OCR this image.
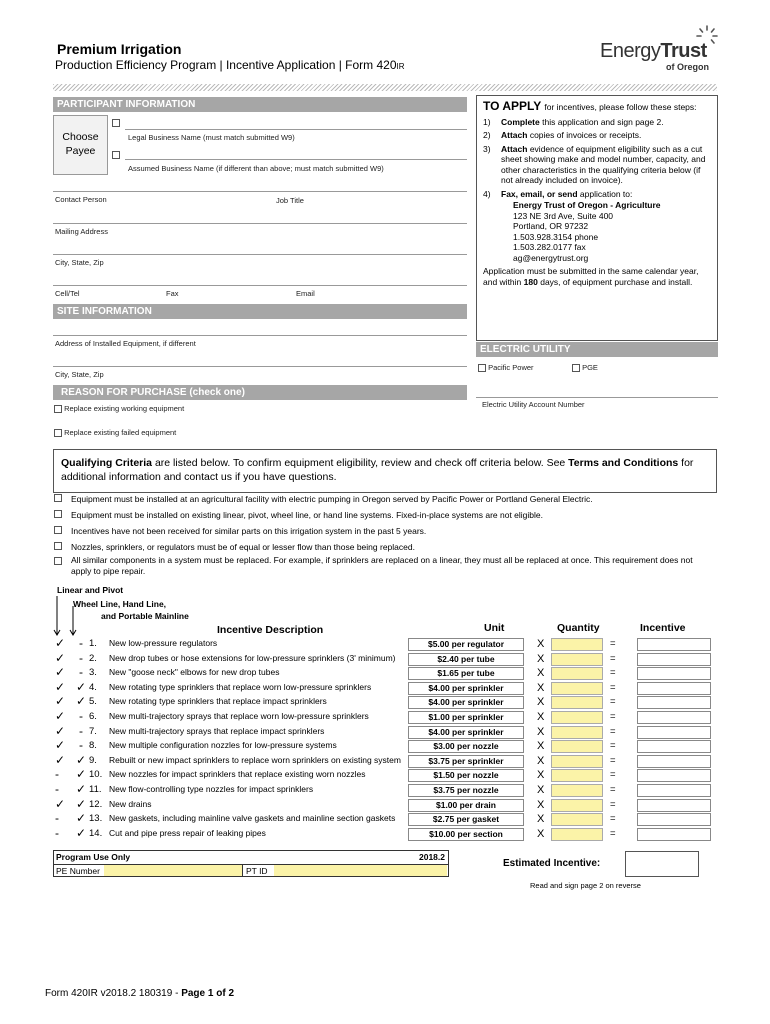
Premium Irrigation
Production Efficiency Program | Incentive Application | Form 420IR
EnergyTrust
of Oregon
PARTICIPANT INFORMATION
Choose Payee
Legal Business Name (must match submitted W9)
Assumed Business Name (if different than above; must match submitted W9)
Contact Person	Job Title
Mailing Address
City, State, Zip
Cell/Tel	Fax	Email
SITE INFORMATION
Address of Installed Equipment, if different
City, State, Zip
REASON FOR PURCHASE (check one)
Replace existing working equipment
Replace existing failed equipment
TO APPLY for incentives, please follow these steps:
1)	Complete this application and sign page 2.
2)	Attach copies of invoices or receipts.
3)	Attach evidence of equipment eligibility such as a cut sheet showing make and model number, capacity, and other characteristics in the qualifying criteria below (if not already included on invoice).
4)	Fax, email, or send application to:
Energy Trust of Oregon - Agriculture
123 NE 3rd Ave, Suite 400
Portland, OR 97232
1.503.928.3154 phone
1.503.282.0177 fax
ag@energytrust.org
Application must be submitted in the same calendar year, and within 180 days, of equipment purchase and install.
ELECTRIC UTILITY
Pacific Power	PGE
Electric Utility Account Number
Qualifying Criteria are listed below. To confirm equipment eligibility, review and check off criteria below. See Terms and Conditions for additional information and contact us if you have questions.
Equipment must be installed at an agricultural facility with electric pumping in Oregon served by Pacific Power or Portland General Electric.
Equipment must be installed on existing linear, pivot, wheel line, or hand line systems. Fixed-in-place systems are not eligible.
Incentives have not been received for similar parts on this irrigation system in the past 5 years.
Nozzles, sprinklers, or regulators must be of equal or lesser flow than those being replaced.
All similar components in a system must be replaced. For example, if sprinklers are replaced on a linear, they must all be replaced at once. This requirement does not apply to pipe repair.
Linear and Pivot
Wheel Line, Hand Line,
and Portable Mainline
Incentive Description	Unit	Quantity	Incentive
✓	- 1. New low-pressure regulators	$5.00 per regulator	X	=
✓	- 2. New drop tubes or hose extensions for low-pressure sprinklers (3' minimum)	$2.40 per tube	X	=
✓	- 3. New "goose neck" elbows for new drop tubes	$1.65 per tube	X	=
✓ ✓ 4. New rotating type sprinklers that replace worn low-pressure sprinklers	$4.00 per sprinkler	X	=
✓ ✓ 5. New rotating type sprinklers that replace impact sprinklers	$4.00 per sprinkler	X	=
✓	- 6. New multi-trajectory sprays that replace worn low-pressure sprinklers	$1.00 per sprinkler	X	=
✓	- 7. New multi-trajectory sprays that replace impact sprinklers	$4.00 per sprinkler	X	=
✓	- 8. New multiple configuration nozzles for low-pressure systems	$3.00 per nozzle	X	=
✓ ✓ 9. Rebuilt or new impact sprinklers to replace worn sprinklers on existing system	$3.75 per sprinkler	X	=
- ✓ 10. New nozzles for impact sprinklers that replace existing worn nozzles	$1.50 per nozzle	X	=
- ✓ 11. New flow-controlling type nozzles for impact sprinklers	$3.75 per nozzle	X	=
✓ ✓ 12. New drains	$1.00 per drain	X	=
- ✓ 13. New gaskets, including mainline valve gaskets and mainline section gaskets	$2.75 per gasket	X	=
- ✓ 14. Cut and pipe press repair of leaking pipes	$10.00 per section	X	=
Program Use Only	2018.2
PE Number	PT ID
Estimated Incentive:
Read and sign page 2 on reverse
Form 420IR v2018.2 180319 - Page 1 of 2
